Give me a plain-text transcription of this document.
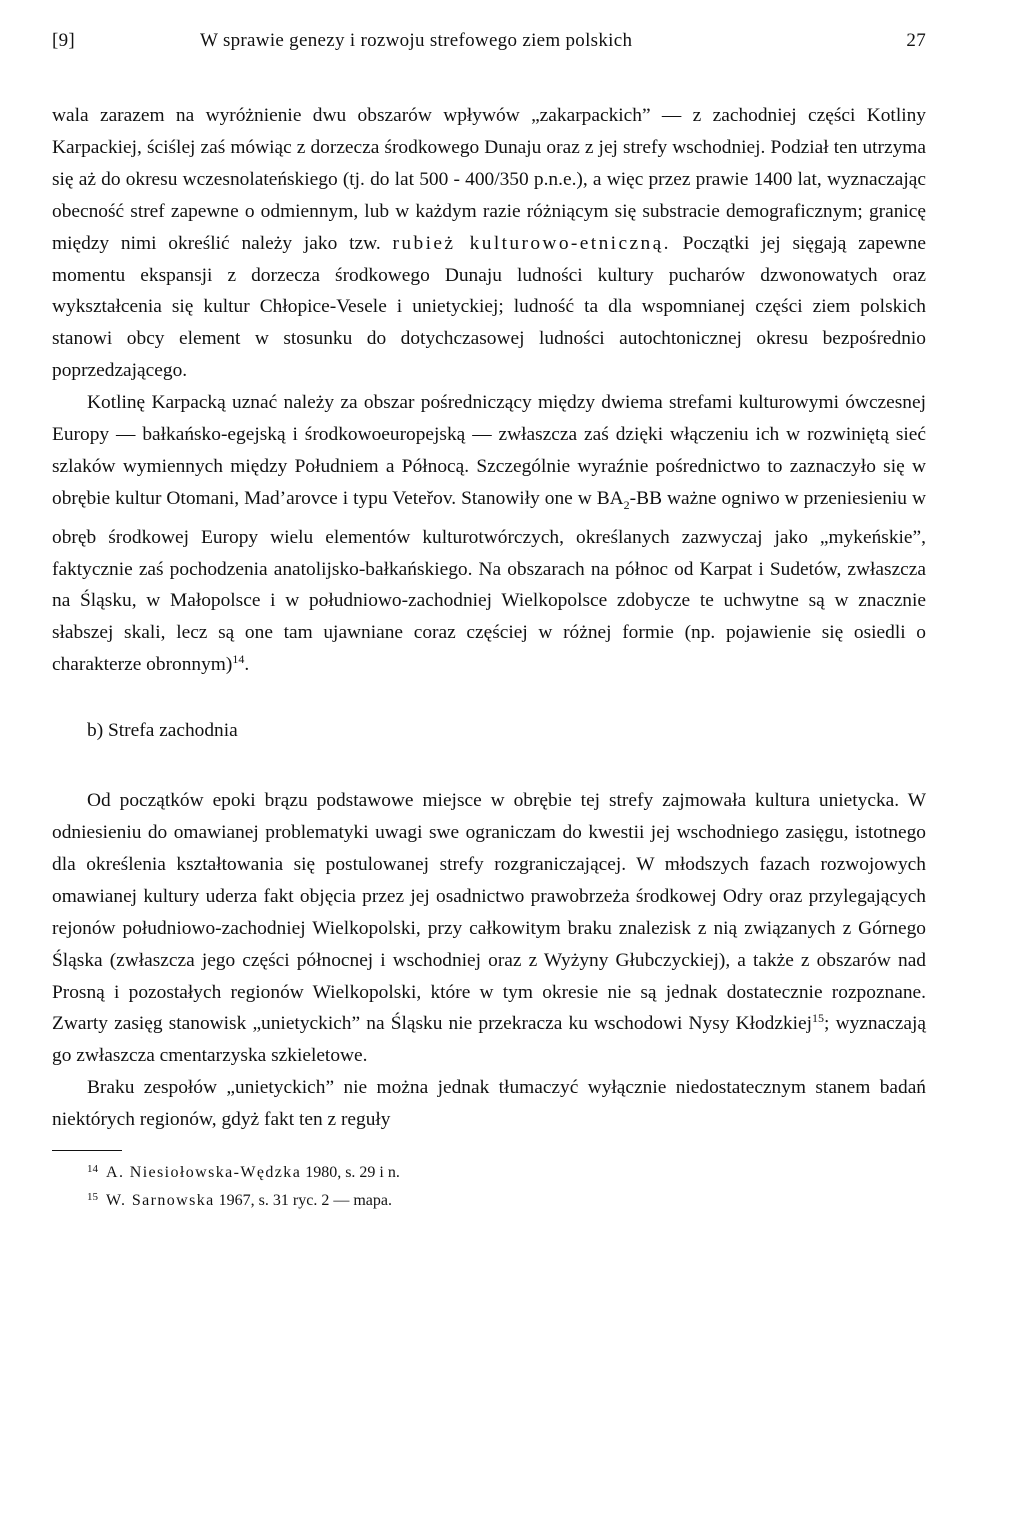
[9]	W sprawie genezy i rozwoju strefowego ziem polskich	27

wala zarazem na wyróżnienie dwu obszarów wpływów „zakarpackich” — z zachodniej części Kotliny Karpackiej, ściślej zaś mówiąc z dorzecza środkowego Dunaju oraz z jej strefy wschodniej. Podział ten utrzyma się aż do okresu wczesnolateńskiego (tj. do lat 500 - 400/350 p.n.e.), a więc przez prawie 1400 lat, wyznaczając obecność stref zapewne o odmiennym, lub w każdym razie różniącym się substracie demograficznym; granicę między nimi określić należy jako tzw. rubież kulturowo-etniczną. Początki jej sięgają zapewne momentu ekspansji z dorzecza środkowego Dunaju ludności kultury pucharów dzwonowatych oraz wykształcenia się kultur Chłopice-Vesele i unietyckiej; ludność ta dla wspomnianej części ziem polskich stanowi obcy element w stosunku do dotychczasowej ludności autochtonicznej okresu bezpośrednio poprzedzającego.

Kotlinę Karpacką uznać należy za obszar pośredniczący między dwiema strefami kulturowymi ówczesnej Europy — bałkańsko-egejską i środkowoeuropejską — zwłaszcza zaś dzięki włączeniu ich w rozwiniętą sieć szlaków wymiennych między Południem a Północą. Szczególnie wyraźnie pośrednictwo to zaznaczyło się w obrębie kultur Otomani, Mad’arovce i typu Veteřov. Stanowiły one w $BA_2-BB$ ważne ogniwo w przeniesieniu w obręb środkowej Europy wielu elementów kulturotwórczych, określanych zazwyczaj jako „mykeńskie”, faktycznie zaś pochodzenia anatolijsko-bałkańskiego. Na obszarach na północ od Karpat i Sudetów, zwłaszcza na Śląsku, w Małopolsce i w południowo-zachodniej Wielkopolsce zdobycze te uchwytne są w znacznie słabszej skali, lecz są one tam ujawniane coraz częściej w różnej formie (np. pojawienie się osiedli o charakterze obronnym)$^{14}$.

b) Strefa zachodnia

Od początków epoki brązu podstawowe miejsce w obrębie tej strefy zajmowała kultura unietycka. W odniesieniu do omawianej problematyki uwagi swe ograniczam do kwestii jej wschodniego zasięgu, istotnego dla określenia kształtowania się postulowanej strefy rozgraniczającej. W młodszych fazach rozwojowych omawianej kultury uderza fakt objęcia przez jej osadnictwo prawobrzeża środkowej Odry oraz przylegających rejonów południowo-zachodniej Wielkopolski, przy całkowitym braku znalezisk z nią związanych z Górnego Śląska (zwłaszcza jego części północnej i wschodniej oraz z Wyżyny Głubczyckiej), a także z obszarów nad Prosną i pozostałych regionów Wielkopolski, które w tym okresie nie są jednak dostatecznie rozpoznane. Zwarty zasięg stanowisk „unietyckich” na Śląsku nie przekracza ku wschodowi Nysy Kłodzkiej$^{15}$; wyznaczają go zwłaszcza cmentarzyska szkieletowe.

Braku zespołów „unietyckich” nie można jednak tłumaczyć wyłącznie niedostatecznym stanem badań niektórych regionów, gdyż fakt ten z reguły

$^{14}$ A. Niesiołowska-Wędzka 1980, s. 29 i n.
$^{15}$ W. Sarnowska 1967, s. 31 ryc. 2 — mapa.
